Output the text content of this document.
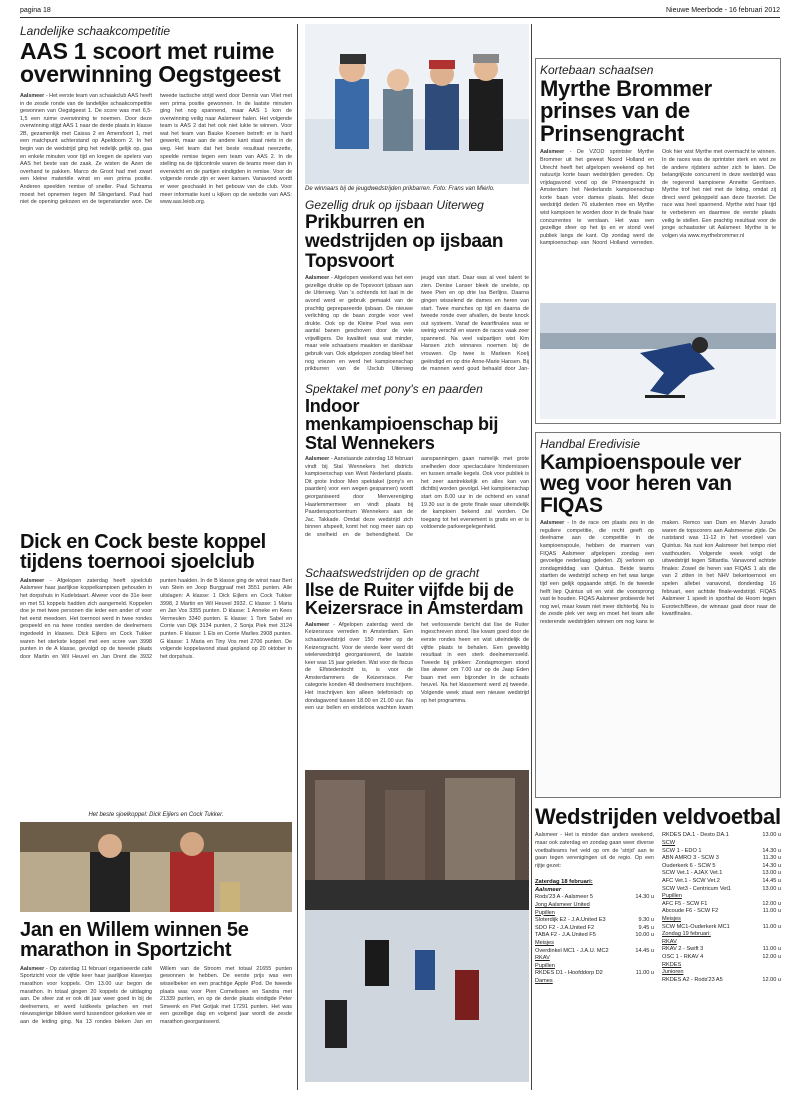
pagina 18	Nieuwe Meerbode - 16 februari 2012
Landelijke schaakcompetitie
AAS 1 scoort met ruime overwinning Oegstgeest
Aalsmeer - Het eerste team van schaakclub AAS heeft in de zesde ronde van de landelijke schaakcompetitie gewonnen van Oegstgeest 1. De score was met 6,5-1,5 een ruime overwinning te noemen. Door deze overwinning stijgt AAS 1 naar de derde plaats in klasse 2B, gezamenlijk met Caissa 2 en Amersfoort 1, met een matchpunt achterstand op Apeldoorn 2. In het begin van de wedstrijd ging het redelijk gelijk op, gaa en enkele minuten voor tijd en kregen de spelers van AAS het beste van de zaak. Ze wisten de Azen de overhand te pakken. Marco de Groot had met zwart een kleine materiële winst en een prima positie. Anderen speelden remise of sneller. Paul Schrama moest het opnemen tegen IM Slingerland. Paul had niet de opening gekozen en de tegenstander won. De tweede tactische strijd werd door Dennis van Vliet met een prima positie gewonnen. In de laatste minuten ging het nog spannend, maar AAS 1 kon de overwinning veilig naar Aalsmeer halen. Het volgende team is AAS 2 dat het ook niet lukte te winnen. Voor wat het team van Bauke Koenen betreft: er is hard gewerkt, maar aan de andere kant staat niets in de weg. Het team dat het beste resultaat neerzette, speelde remise tegen een team van AAS 2. In de stelling na de tijdcontrole waren de teams meer dan in evenwicht en de partijen eindigden in remise. Voor de volgende ronde zijn er weer kansen. Vanavond wordt er weer geschaakt in het gebouw van de club. Voor meer informatie kunt u kijken op de website van AAS: www.aas.leiob.org.
De winnaars bij de jeugdwedstrijden prikbarren. Foto: Frans van Mierlo.
Gezellig druk op ijsbaan Uiterweg
Prikburren en wedstrijden op ijsbaan Topsvoort
Aalsmeer - Afgelopen weekend was het een gezellige drukte op de Topsvoort ijsbaan aan de Uiterweg. Van 's ochtends tot laat in de avond werd er gebruik gemaakt van de prachtig geprepareerde ijsbaan. De nieuwe verlichting op de baan zorgde voor veel drukte. Ook op de Kleine Poel was een aantal banen geschoven door de vele vrijwilligers. De kwaliteit was wat minder, maar vele schaatsers maakten er dankbaar gebruik van. Ook afgelopen zondag bleef het nog vriezen en werd het kampioenschap prikburren van de IJsclub Uiterweg jeugd van start. Daar was al veel talent te zien. Denise Lanser bleek de snelste, op twee Pien en op drie Isa Berlijns. Daarna gingen wisselend de dames en heren van start. Twee manches op tijd en daarna de tweede ronde over afvallen, de beste knock out systeem. Vanaf de kwartfinales was er weinig verschil en waren de races vaak zeer spannend. Na veel valpartijen wist Kim Hansen zich winnares noemen bij de vrouwen. Op twee is Marleen Koelj geëindigd en op drie Anne-Marie Hansen. Bij de mannen werd goud behaald door Jan-
Kortebaan schaatsen
Myrthe Brommer prinses van de Prinsengracht
Aalsmeer - De VZOD sprintster Myrthe Brommer uit het gewest Noord Holland en Utrecht heeft het afgelopen weekend op het natuurijs korte baan wedstrijden gereden. Op vrijdagavond vond op de Prinsengracht in Amsterdam het Nederlands kampioenschap korte baan voor dames plaats. Met deze wedstrijd deden 76 studenten mee en Myrthe wist kampioen te worden door in de finale haar concurrentes te verslaan. Het was een gezellige sfeer op het ijs en er stond veel publiek langs de kant. Op zondag werd de kampioenschap van Noord Holland verreden. Ook hier wist Myrthe met overmacht te winnen. In de races was de sprintster sterk en wist ze de andere rijdsters achter zich te laten. De belangrijkste concurrent in deze wedstrijd was de regerend kampioene Annette Gerritsen. Myrthe trof het niet met de loting, omdat zij direct werd gekoppeld aan deze favoriet. De race was heel spannend. Myrthe wist haar tijd te verbeteren en daarmee de eerste plaats veilig te stellen. Een prachtig resultaat voor de jonge schaatsster uit Aalsmeer. Myrthe is te volgen via www.myrthebrommer.nl
Spektakel met pony's en paarden
Indoor menkampioenschap bij Stal Wennekers
Aalsmeer - Aanstaande zaterdag 18 februari vindt bij Stal Wennekers het districts kampioenschap van West Nederland plaats. Dit grote Indoor Men spektakel (pony's en paarden) voor een wegen gespannen) wordt georganiseerd door Menvereniging Haarlemmermeer en vindt plaats bij Paardensportcentrum Wennekers aan de Jac. Takkade. Omdat deze wedstrijd zich binnen afspeelt, komt het nog meer aan op de snelheid en de behendigheid. De aanspanningen gaan namelijk met grote snelheden door spectaculaire hindernissen en tussen smalle kegels. Ook voor publiek is het zeer aantrekkelijk en alles kan van dichtbij worden gevolgd. Het kampioenschap start om 8.00 uur in de ochtend en vanaf 19.30 uur is de grote finale waar uiteindelijk de kampioen bekend zal worden. De toegang tot het evenement is gratis en er is voldoende parkeergelegenheid.
Handbal Eredivisie
Kampioenspoule ver weg voor heren van FIQAS
Aalsmeer - In de race om plaats zes in de reguliere competitie, die recht geeft op deelname aan de competitie in de kampioenspoule, hebben de mannen van FIQAS Aalsmeer afgelopen zondag een gevoelige nederlaag geleden. Zij verloren op zondagmiddag van Quintus. Beide teams startten de wedstrijd scherp en het was lange tijd een gelijk opgaande strijd. In de tweede helft liep Quintus uit en wist die voorsprong vast te houden. FIQAS Aalsmeer probeerde het nog wel, maar kwam niet meer dichterbij. Nu is de zesde plek ver weg en moet het team alle resterende wedstrijden winnen om nog kans te maken. Remco van Dam en Marvin Jurado waren de topscorers aan Aalsmeerse zijde. De ruststand was 11-12 in het voordeel van Quintus. Na rust kon Aalsmeer het tempo niet vasthouden. Volgende week volgt de uitwedstrijd tegen Sittardia. Vanavond achtste finales: Zowel de heren van FIQAS 1 als die van 2 zitten in het NHV bekertoernooi en spelen allebei vanavond, donderdag 16 februari, een achtste finale-wedstrijd. FIQAS Aalsmeer 1 speelt in sporthal de Hoorn tegen Eurotech/Beve, de winnaar gaat door naar de kwartfinales.
Dick en Cock beste koppel tijdens toernooi sjoelclub
Aalsmeer - Afgelopen zaterdag heeft sjoelclub Aalsmeer haar jaarlijkse koppelkampioen gehouden in het dorpshuis in Kudelstaart. Alweer voor de 31e keer en met 51 koppels hadden zich aangemeld. Koppelen doe je met twee personen die ieder een ander of voor het eerst meedoen. Het toernooi werd in twee rondes gespeeld en na twee rondes werden de deelnemers ingedeeld in klasses. Dick Eijlers en Cock Tukker waren het sterkste koppel met een score van 3998 punten in de A klasse, gevolgd op de tweede plaats door Martin en Wil Heuvel en Jan Drent die 3932 punten haalden. In de B klasse ging de winst naar Bert van Stein en Joop Burggraaf met 3551 punten. Alle uitslagen: A klasse: 1 Dick Eijlers en Cock Tukker 3998, 2 Martin en Wil Heuvel 3932. C klasse: 1 Maria en Jan Vos 3355 punten. D klasse: 1 Anneke en Kees Vermeulen 3340 punten. E klasse: 1 Tom Sabel en Corrie van Dijk 3134 punten, 2 Sonja Piek met 3124 punten. F klasse: 1 Els en Corrie Marlies 2908 punten. G klasse: 1 Maria en Tiny Vos met 2706 punten. De volgende koppelavond staat gepland op 20 oktober in het dorpshuis.
Het beste sjoelkoppel: Dick Eijlers en Cock Tukker.
Schaatswedstrijden op de gracht
Ilse de Ruiter vijfde bij de Keizersrace in Amsterdam
Aalsmeer - Afgelopen zaterdag werd de Keizersrace verreden in Amsterdam. Een schaatswedstrijd over 150 meter op de Keizersgracht. Voor de vierde keer werd dit wielerwedstrijd georganiseerd, de laatste keer was 15 jaar geleden. Wat voor de fiscus de Elfstedentocht is, is voor de Amsterdammers de Keizersrace. Per categorie konden 48 deelnemers inschrijven. Het inschrijven kon alleen telefonisch op dondagavond tussen 18.00 en 21.00 uur. Na een uur bellen en eindeloos wachten kwam het verlossende bericht dat Ilse de Ruiter ingeschreven stond. Ilse kwam goed door de eerste rondes heen en wist uiteindelijk de vijfde plaats te behalen. Een geweldig resultaat in een sterk deelnemersveld. Tweede bij prikken: Zondagmorgen stond Ilse alweer om 7.00 uur op de Jaap Eden baan met een bijzonder in de schaats heuvel. Na het klassement werd zij tweede. Volgende week staat een nieuwe wedstrijd op het programma.
Jan en Willem winnen 5e marathon in Sportzicht
Aalsmeer - Op zaterdag 11 februari organiseerde café Sportzicht voor de vijfde keer haar jaarlijkse klaverjas marathon voor koppels. Om 13.00 uur begon de marathon. In totaal gingen 20 koppels de uitdaging aan. De sfeer zat er ook dit jaar weer goed in bij de deelnemers, er werd luidkeels gelachen en met nieuwsgierige blikken werd tussendoor gekeken wie er aan de leiding ging. Na 13 rondes bleken Jan en Willem van de Stroom met totaal 21655 punten gewonnen te hebben. De eerste prijs was een wisselbeker en een prachtige Apple iPod. De tweede plaats was voor Pien Cornelissen en Sandra met 21339 punten, en op de derde plaats eindigde Peter Smeenk en Piet Gotjak met 17291 punten. Het was een gezellige dag en volgend jaar wordt de zesde marathon georganiseerd.
Wedstrijden veldvoetbal
Aalsmeer - Het is minder dan anders weekend, maar ook zaterdag en zondag gaan weer diverse voetbalteams het veld op om de 'strijd' aan te gaan tegen verenigingen uit de regio. Op een rijtje gezet:
Zaterdag 18 februari:
Aalsmeer
Rods'23 A - Aalsmeer 5	14.30 u
Jong Aalsmeer United
Pupillen
Sloterdijk E2 - J.A.United E3	9.30 u
SDO F2 - J.A.United F2	9.45 u
TABA F2 - J.A.United F5	10.00 u
Meisjes
Overdinkel MC1 - J.A.U. MC2	14.45 u
RKAV
Pupillen
RKDES D1 - Hoofddorp D2	11.00 u
Dames
RKDES DA.1 - Desto DA.1	13.00 u
SCW
SCW 1 - EDO 1	14.30 u
ABN AMRO 3 - SCW 3	11.30 u
Ouderkerk 6 - SCW 5	14.30 u
SCW Vet.1 - AJAX Vet.1	13.00 u
AFC Vet.1 - SCW Vet.2	14.45 u
SCW Vet3 - Centricum Vet1	13.00 u
Pupillen
AFC F5 - SCW F1	12.00 u
Abcoude F6 - SCW F2	11.00 u
Meisjes
SCW MC1-Ouderkerk MC1	11.00 u
Zondag 19 februari:
RKAV
RKAV 2 - Swift 3	11.00 u
OSC 1 - RKAV 4	12.00 u
RKDES
Junioren
RKDES A2 - Rods'23 A5	12.00 u
